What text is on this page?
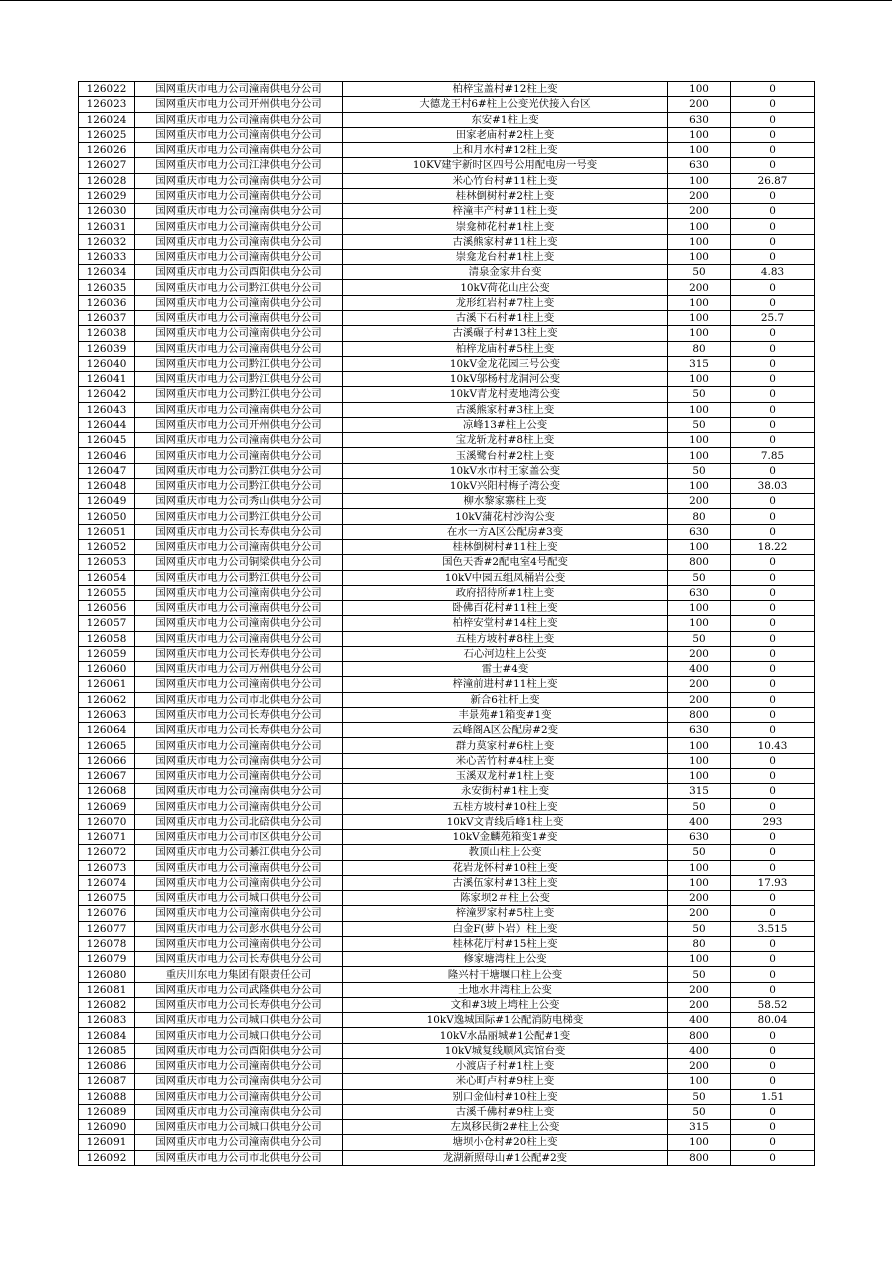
126022	国网重庆市电力公司潼南供电分公司	柏梓宝盖村#12柱上变	100	0
126023	国网重庆市电力公司开州供电分公司	大德龙王村6#柱上公变光伏接入台区	200	0
126024	国网重庆市电力公司潼南供电分公司	东安#1柱上变	630	0
126025	国网重庆市电力公司潼南供电分公司	田家老庙村#2柱上变	100	0
126026	国网重庆市电力公司潼南供电分公司	上和月水村#12柱上变	100	0
126027	国网重庆市电力公司江津供电分公司	10KV建宇新时区四号公用配电房一号变	630	0
126028	国网重庆市电力公司潼南供电分公司	米心竹台村#11柱上变	100	26.87
126029	国网重庆市电力公司潼南供电分公司	桂林倒树村#2柱上变	200	0
126030	国网重庆市电力公司潼南供电分公司	梓潼丰产村#11柱上变	200	0
126031	国网重庆市电力公司潼南供电分公司	崇龛柿花村#1柱上变	100	0
126032	国网重庆市电力公司潼南供电分公司	古溪熊家村#11柱上变	100	0
126033	国网重庆市电力公司潼南供电分公司	崇龛龙台村#1柱上变	100	0
126034	国网重庆市电力公司酉阳供电分公司	清泉金家井台变	50	4.83
126035	国网重庆市电力公司黔江供电分公司	10kV荷花山庄公变	200	0
126036	国网重庆市电力公司潼南供电分公司	龙形红岩村#7柱上变	100	0
126037	国网重庆市电力公司潼南供电分公司	古溪下石村#1柱上变	100	25.7
126038	国网重庆市电力公司潼南供电分公司	古溪碾子村#13柱上变	100	0
126039	国网重庆市电力公司潼南供电分公司	柏梓龙庙村#5柱上变	80	0
126040	国网重庆市电力公司黔江供电分公司	10kV金龙花园三号公变	315	0
126041	国网重庆市电力公司黔江供电分公司	10kV邬杨村龙洞河公变	100	0
126042	国网重庆市电力公司黔江供电分公司	10kV青龙村麦地湾公变	50	0
126043	国网重庆市电力公司潼南供电分公司	古溪熊家村#3柱上变	100	0
126044	国网重庆市电力公司开州供电分公司	凉峰13#柱上公变	50	0
126045	国网重庆市电力公司潼南供电分公司	宝龙斩龙村#8柱上变	100	0
126046	国网重庆市电力公司潼南供电分公司	玉溪鹭台村#2柱上变	100	7.85
126047	国网重庆市电力公司黔江供电分公司	10kV水市村王家盖公变	50	0
126048	国网重庆市电力公司黔江供电分公司	10kV兴阳村梅子湾公变	100	38.03
126049	国网重庆市电力公司秀山供电分公司	柳水黎家寨柱上变	200	0
126050	国网重庆市电力公司黔江供电分公司	10kV蒲花村沙沟公变	80	0
126051	国网重庆市电力公司长寿供电分公司	在水一方A区公配房#3变	630	0
126052	国网重庆市电力公司潼南供电分公司	桂林倒树村#11柱上变	100	18.22
126053	国网重庆市电力公司铜梁供电分公司	国色天香#2配电室4号配变	800	0
126054	国网重庆市电力公司黔江供电分公司	10kV中园五组凤桶岩公变	50	0
126055	国网重庆市电力公司潼南供电分公司	政府招待所#1柱上变	630	0
126056	国网重庆市电力公司潼南供电分公司	卧佛百花村#11柱上变	100	0
126057	国网重庆市电力公司潼南供电分公司	柏梓安堂村#14柱上变	100	0
126058	国网重庆市电力公司潼南供电分公司	五桂方坡村#8柱上变	50	0
126059	国网重庆市电力公司长寿供电分公司	石心河边柱上公变	200	0
126060	国网重庆市电力公司万州供电分公司	雷士#4变	400	0
126061	国网重庆市电力公司潼南供电分公司	梓潼前进村#11柱上变	200	0
126062	国网重庆市电力公司市北供电分公司	新合6社杆上变	200	0
126063	国网重庆市电力公司长寿供电分公司	丰景苑#1箱变#1变	800	0
126064	国网重庆市电力公司长寿供电分公司	云峰阁A区公配房#2变	630	0
126065	国网重庆市电力公司潼南供电分公司	群力莫家村#6柱上变	100	10.43
126066	国网重庆市电力公司潼南供电分公司	米心苦竹村#4柱上变	100	0
126067	国网重庆市电力公司潼南供电分公司	玉溪双龙村#1柱上变	100	0
126068	国网重庆市电力公司潼南供电分公司	永安街村#1柱上变	315	0
126069	国网重庆市电力公司潼南供电分公司	五桂方坡村#10柱上变	50	0
126070	国网重庆市电力公司北碚供电分公司	10kV文青线后峰1柱上变	400	293
126071	国网重庆市电力公司市区供电分公司	10kV金麟苑箱变1#变	630	0
126072	国网重庆市电力公司綦江供电分公司	教顶山柱上公变	50	0
126073	国网重庆市电力公司潼南供电分公司	花岩龙怀村#10柱上变	100	0
126074	国网重庆市电力公司潼南供电分公司	古溪伍家村#13柱上变	100	17.93
126075	国网重庆市电力公司城口供电分公司	陈家坝2＃柱上公变	200	0
126076	国网重庆市电力公司潼南供电分公司	梓潼罗家村#5柱上变	200	0
126077	国网重庆市电力公司彭水供电分公司	白金F(萝卜岩）柱上变	50	3.515
126078	国网重庆市电力公司潼南供电分公司	桂林花厅村#15柱上变	80	0
126079	国网重庆市电力公司长寿供电分公司	修家塘湾柱上公变	100	0
126080	重庆川东电力集团有限责任公司	隆兴村干塘堰口柱上公变	50	0
126081	国网重庆市电力公司武隆供电分公司	土地水井湾柱上公变	200	0
126082	国网重庆市电力公司长寿供电分公司	文和#3坡上塆柱上公变	200	58.52
126083	国网重庆市电力公司城口供电分公司	10kV逸城国际#1公配消防电梯变	400	80.04
126084	国网重庆市电力公司城口供电分公司	10kV水晶丽城#1公配#1变	800	0
126085	国网重庆市电力公司酉阳供电分公司	10kV城复线顺风宾馆台变	400	0
126086	国网重庆市电力公司潼南供电分公司	小渡店子村#1柱上变	200	0
126087	国网重庆市电力公司潼南供电分公司	米心町卢村#9柱上变	100	0
126088	国网重庆市电力公司潼南供电分公司	别口金仙村#10柱上变	50	1.51
126089	国网重庆市电力公司潼南供电分公司	古溪千佛村#9柱上变	50	0
126090	国网重庆市电力公司城口供电分公司	左岚移民街2#柱上公变	315	0
126091	国网重庆市电力公司潼南供电分公司	塘坝小仓村#20柱上变	100	0
126092	国网重庆市电力公司市北供电分公司	龙湖新照母山#1公配#2变	800	0
